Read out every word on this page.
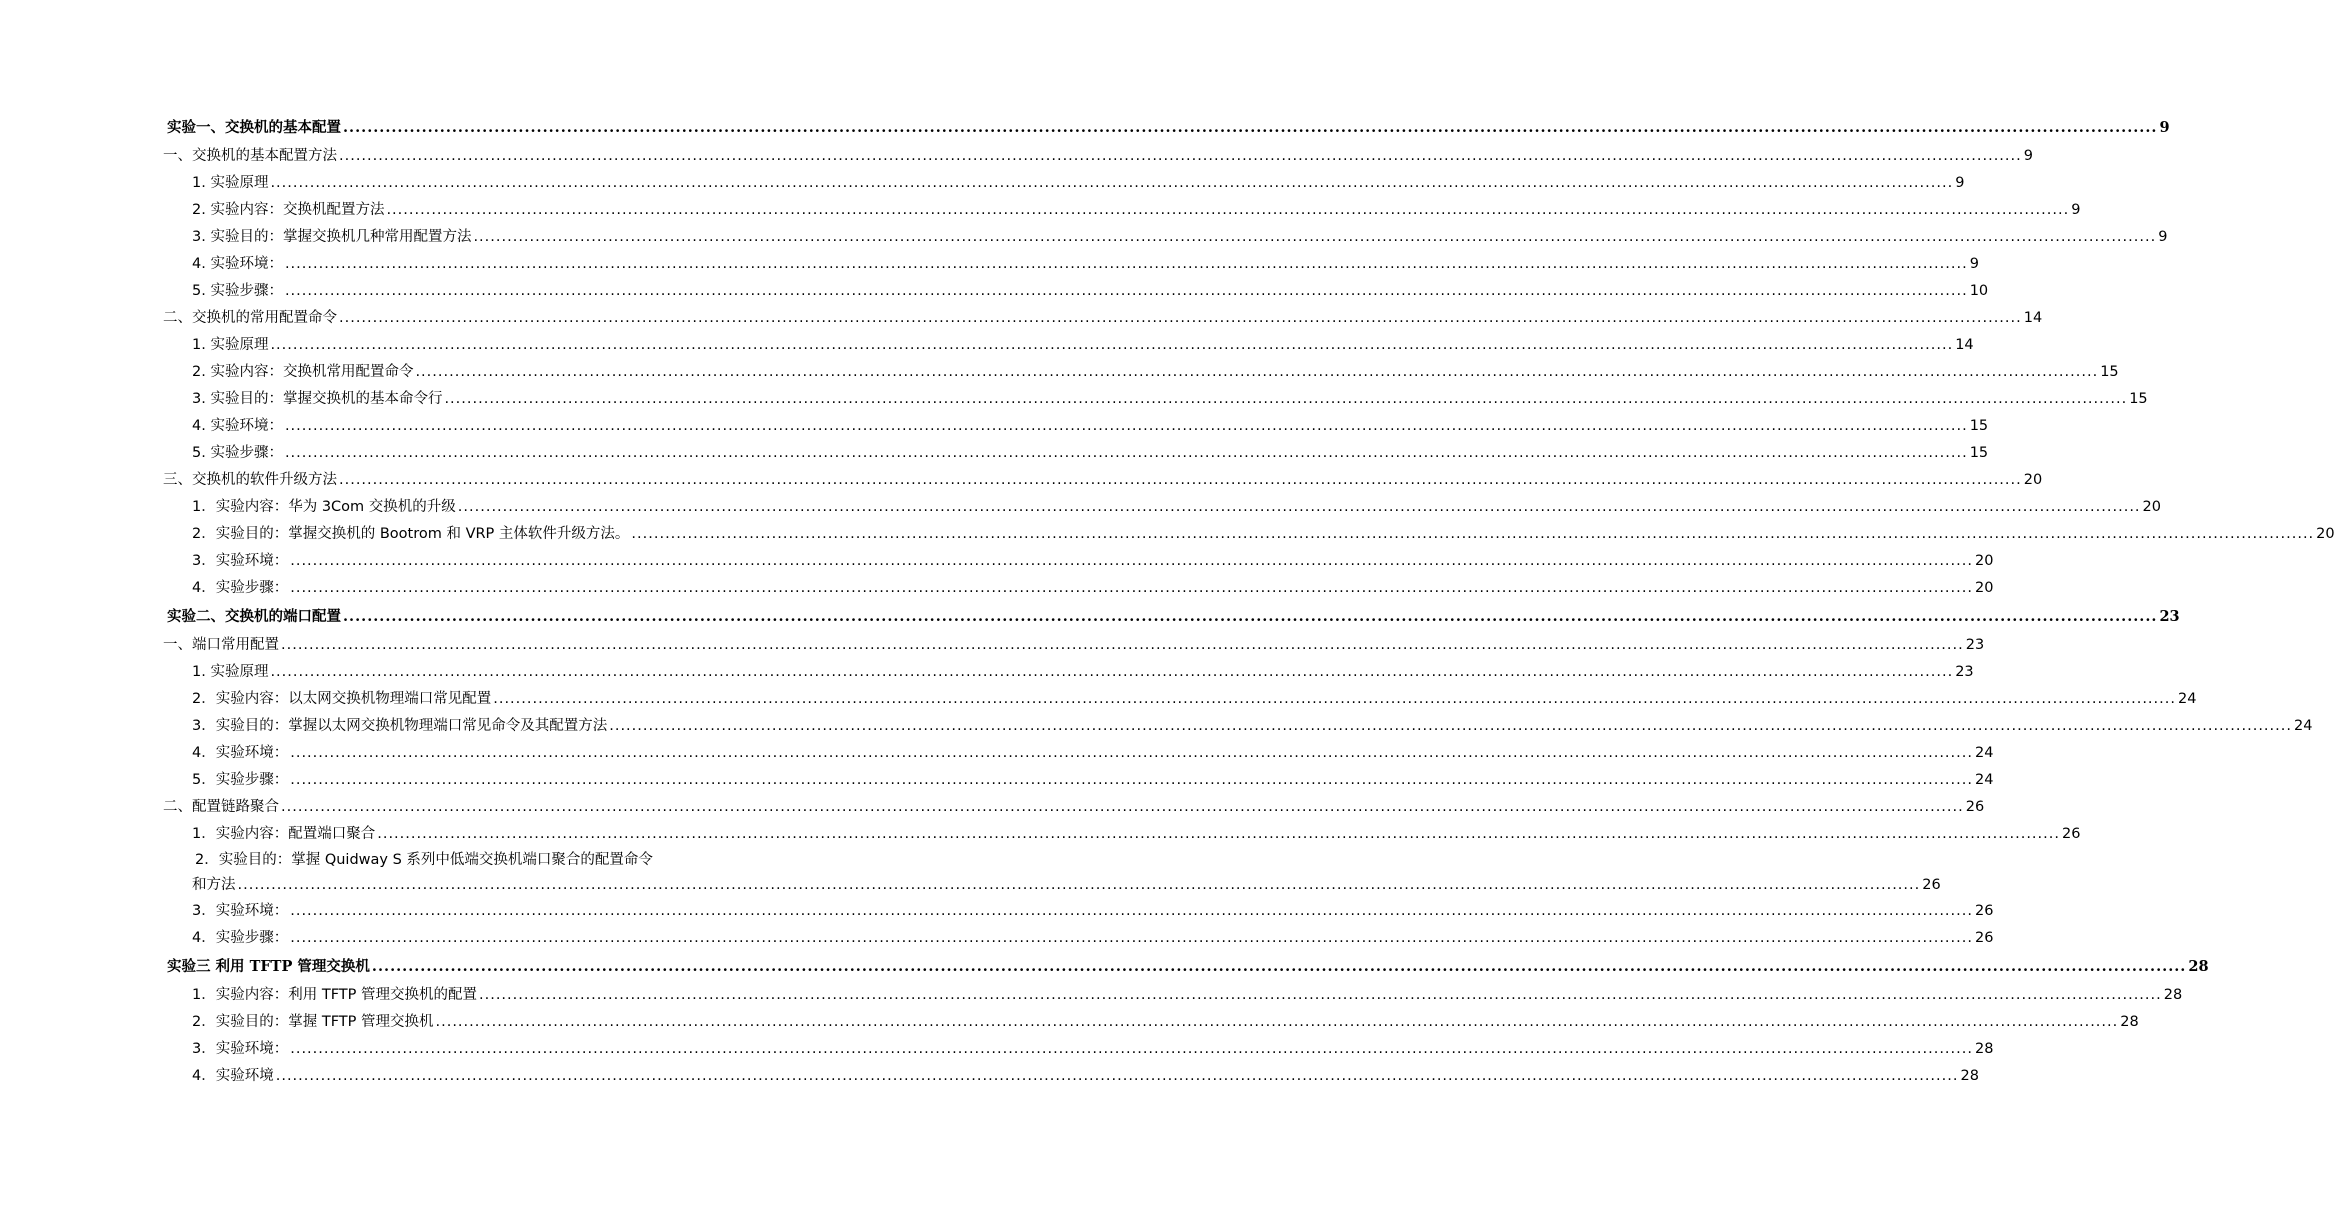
实验一、交换机的基本配置 ............................................................................................................................................................................................................................................................................................................ 9
一、交换机的基本配置方法 ............................................................................................................................................................................................................................................................................................................ 9
1. 实验原理 ............................................................................................................................................................................................................................................................................................................ 9
2. 实验内容：交换机配置方法 ............................................................................................................................................................................................................................................................................................................ 9
3. 实验目的：掌握交换机几种常用配置方法 ............................................................................................................................................................................................................................................................................................................ 9
4. 实验环境： ............................................................................................................................................................................................................................................................................................................ 9
5. 实验步骤： ............................................................................................................................................................................................................................................................................................................ 10
二、交换机的常用配置命令 ............................................................................................................................................................................................................................................................................................................ 14
1. 实验原理 ............................................................................................................................................................................................................................................................................................................ 14
2. 实验内容：交换机常用配置命令 ............................................................................................................................................................................................................................................................................................................ 15
3. 实验目的：掌握交换机的基本命令行 ............................................................................................................................................................................................................................................................................................................ 15
4. 实验环境： ............................................................................................................................................................................................................................................................................................................ 15
5. 实验步骤： ............................................................................................................................................................................................................................................................................................................ 15
三、交换机的软件升级方法 ............................................................................................................................................................................................................................................................................................................ 20
1．实验内容：华为 3Com 交换机的升级 ............................................................................................................................................................................................................................................................................................................ 20
2．实验目的：掌握交换机的 Bootrom 和 VRP 主体软件升级方法。 ............................................................................................................................................................................................................................................................................................................ 20
3．实验环境： ............................................................................................................................................................................................................................................................................................................ 20
4．实验步骤： ............................................................................................................................................................................................................................................................................................................ 20
实验二、交换机的端口配置 ............................................................................................................................................................................................................................................................................................................ 23
一、端口常用配置 ............................................................................................................................................................................................................................................................................................................ 23
1. 实验原理 ............................................................................................................................................................................................................................................................................................................ 23
2．实验内容：以太网交换机物理端口常见配置 ............................................................................................................................................................................................................................................................................................................ 24
3．实验目的：掌握以太网交换机物理端口常见命令及其配置方法 ............................................................................................................................................................................................................................................................................................................ 24
4．实验环境： ............................................................................................................................................................................................................................................................................................................ 24
5．实验步骤： ............................................................................................................................................................................................................................................................................................................ 24
二、配置链路聚合 ............................................................................................................................................................................................................................................................................................................ 26
1．实验内容：配置端口聚合 ............................................................................................................................................................................................................................................................................................................ 26
2．实验目的：掌握 Quidway S 系列中低端交换机端口聚合的配置命令
和方法 ............................................................................................................................................................................................................................................................................................................ 26
3．实验环境： ............................................................................................................................................................................................................................................................................................................ 26
4．实验步骤： ............................................................................................................................................................................................................................................................................................................ 26
实验三 利用 TFTP 管理交换机 ............................................................................................................................................................................................................................................................................................................ 28
1．实验内容：利用 TFTP 管理交换机的配置 ............................................................................................................................................................................................................................................................................................................ 28
2．实验目的：掌握 TFTP 管理交换机 ............................................................................................................................................................................................................................................................................................................ 28
3．实验环境： ............................................................................................................................................................................................................................................................................................................ 28
4．实验环境 ............................................................................................................................................................................................................................................................................................................ 28
